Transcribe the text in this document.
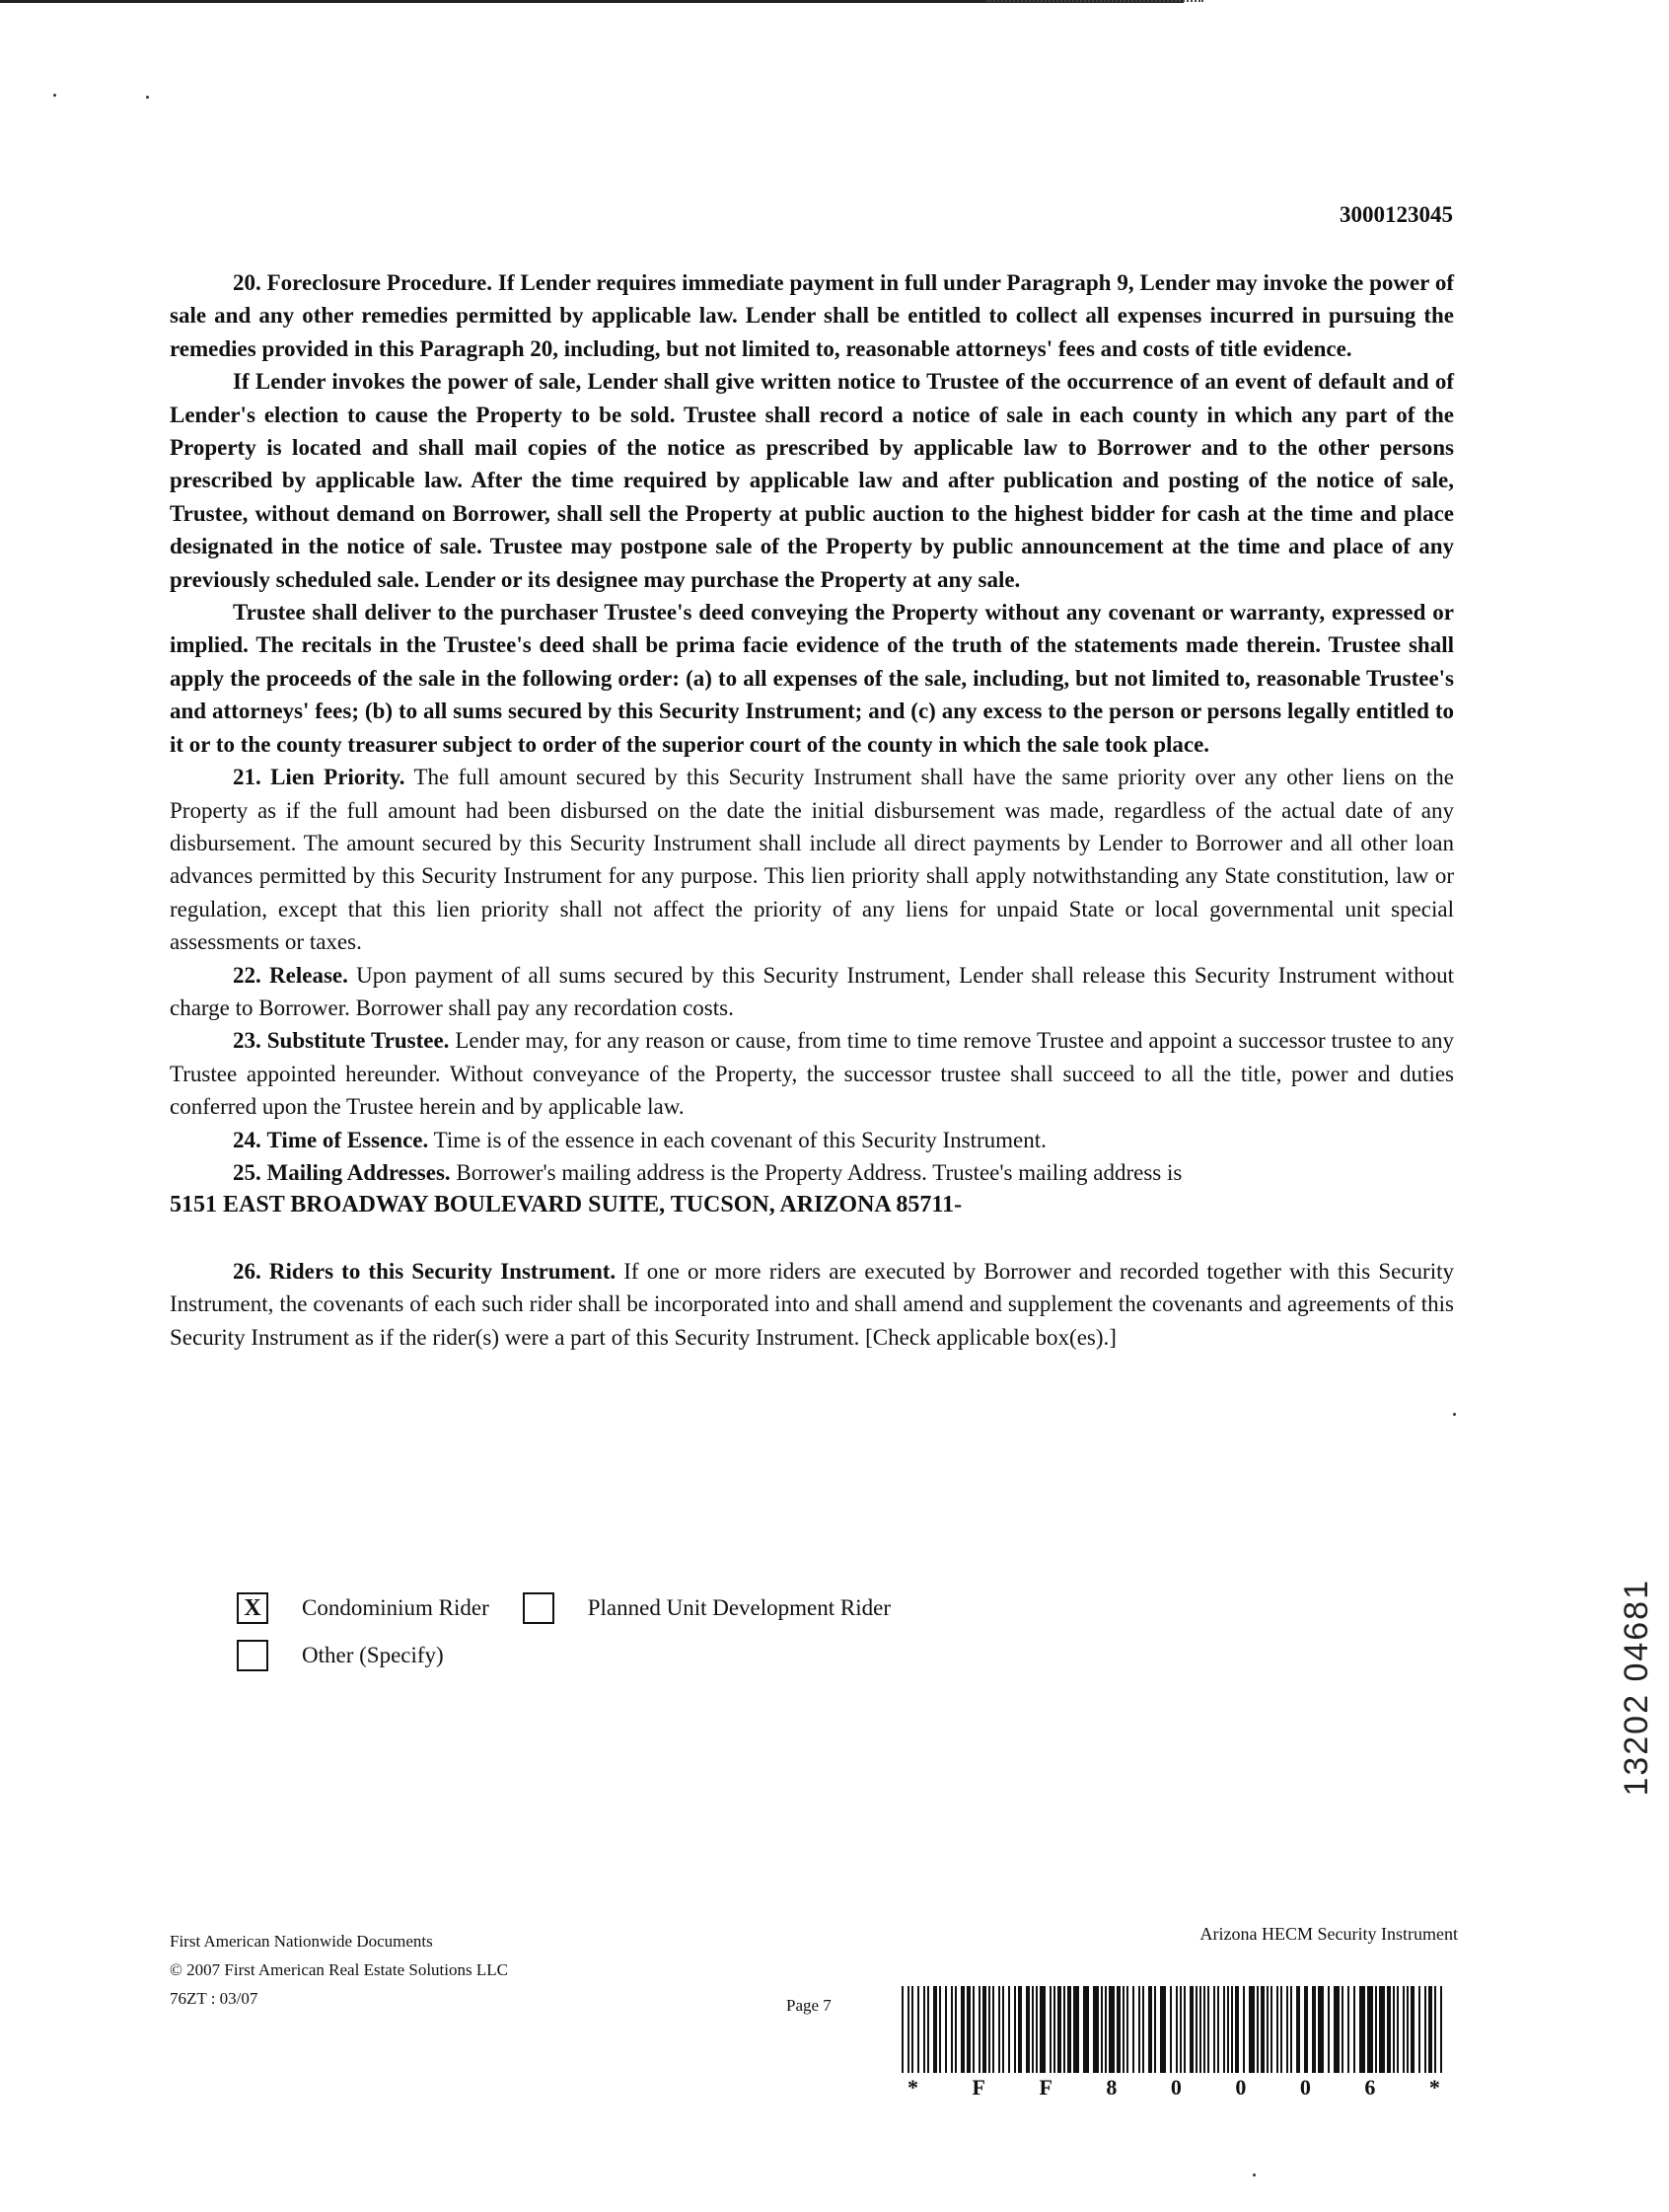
3000123045

20. Foreclosure Procedure. If Lender requires immediate payment in full under Paragraph 9, Lender may invoke the power of sale and any other remedies permitted by applicable law. Lender shall be entitled to collect all expenses incurred in pursuing the remedies provided in this Paragraph 20, including, but not limited to, reasonable attorneys' fees and costs of title evidence.

If Lender invokes the power of sale, Lender shall give written notice to Trustee of the occurrence of an event of default and of Lender's election to cause the Property to be sold. Trustee shall record a notice of sale in each county in which any part of the Property is located and shall mail copies of the notice as prescribed by applicable law to Borrower and to the other persons prescribed by applicable law. After the time required by applicable law and after publication and posting of the notice of sale, Trustee, without demand on Borrower, shall sell the Property at public auction to the highest bidder for cash at the time and place designated in the notice of sale. Trustee may postpone sale of the Property by public announcement at the time and place of any previously scheduled sale. Lender or its designee may purchase the Property at any sale.

Trustee shall deliver to the purchaser Trustee's deed conveying the Property without any covenant or warranty, expressed or implied. The recitals in the Trustee's deed shall be prima facie evidence of the truth of the statements made therein. Trustee shall apply the proceeds of the sale in the following order: (a) to all expenses of the sale, including, but not limited to, reasonable Trustee's and attorneys' fees; (b) to all sums secured by this Security Instrument; and (c) any excess to the person or persons legally entitled to it or to the county treasurer subject to order of the superior court of the county in which the sale took place.

21. Lien Priority. The full amount secured by this Security Instrument shall have the same priority over any other liens on the Property as if the full amount had been disbursed on the date the initial disbursement was made, regardless of the actual date of any disbursement. The amount secured by this Security Instrument shall include all direct payments by Lender to Borrower and all other loan advances permitted by this Security Instrument for any purpose. This lien priority shall apply notwithstanding any State constitution, law or regulation, except that this lien priority shall not affect the priority of any liens for unpaid State or local governmental unit special assessments or taxes.

22. Release. Upon payment of all sums secured by this Security Instrument, Lender shall release this Security Instrument without charge to Borrower. Borrower shall pay any recordation costs.

23. Substitute Trustee. Lender may, for any reason or cause, from time to time remove Trustee and appoint a successor trustee to any Trustee appointed hereunder. Without conveyance of the Property, the successor trustee shall succeed to all the title, power and duties conferred upon the Trustee herein and by applicable law.

24. Time of Essence. Time is of the essence in each covenant of this Security Instrument.

25. Mailing Addresses. Borrower's mailing address is the Property Address. Trustee's mailing address is

5151 EAST BROADWAY BOULEVARD SUITE, TUCSON, ARIZONA 85711-

26. Riders to this Security Instrument. If one or more riders are executed by Borrower and recorded together with this Security Instrument, the covenants of each such rider shall be incorporated into and shall amend and supplement the covenants and agreements of this Security Instrument as if the rider(s) were a part of this Security Instrument. [Check applicable box(es).]

X	Condominium Rider	Planned Unit Development Rider
Other (Specify)	13202 04681
First American Nationwide Documents
© 2007 First American Real Estate Solutions LLC
76ZT : 03/07	Page 7
Arizona HECM Security Instrument
* F F 8 0 0 0 6 *
